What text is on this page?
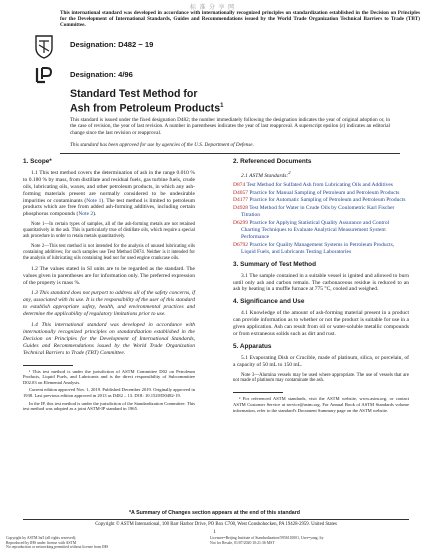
标 准 分 享 网
This international standard was developed in accordance with internationally recognized principles on standardization established in the Decision on Principles for the Development of International Standards, Guides and Recommendations issued by the World Trade Organization Technical Barriers to Trade (TBT) Committee.
Designation: D482 − 19
Designation: 4/96
Standard Test Method for
Ash from Petroleum Products$^1$
This standard is issued under the fixed designation D482; the number immediately following the designation indicates the year of original adoption or, in the case of revision, the year of last revision. A number in parentheses indicates the year of last reapproval. A superscript epsilon (ε) indicates an editorial change since the last revision or reapproval.
This standard has been approved for use by agencies of the U.S. Department of Defense.
1. Scope*

1.1 This test method covers the determination of ash in the range 0.010 % to 0.180 % by mass, from distillate and residual fuels, gas turbine fuels, crude oils, lubricating oils, waxes, and other petroleum products, in which any ash-forming materials present are normally considered to be undesirable impurities or contaminants (Note 1). The test method is limited to petroleum products which are free from added ash-forming additives, including certain phosphorus compounds (Note 2).

Note 1—In certain types of samples, all of the ash-forming metals are not retained quantitatively in the ash. This is particularly true of distillate oils, which require a special ash procedure in order to retain metals quantitatively.

Note 2—This test method is not intended for the analysis of unused lubricating oils containing additives; for such samples use Test Method D874. Neither is it intended for the analysis of lubricating oils containing lead nor for used engine crankcase oils.

1.2 The values stated in SI units are to be regarded as the standard. The values given in parentheses are for information only. The preferred expression of the property is mass %.

1.3 This standard does not purport to address all of the safety concerns, if any, associated with its use. It is the responsibility of the user of this standard to establish appropriate safety, health, and environmental practices and determine the applicability of regulatory limitations prior to use.

1.4 This international standard was developed in accordance with internationally recognized principles on standardization established in the Decision on Principles for the Development of International Standards, Guides and Recommendations issued by the World Trade Organization Technical Barriers to Trade (TBT) Committee.

¹ This test method is under the jurisdiction of ASTM Committee D02 on Petroleum Products, Liquid Fuels, and Lubricants and is the direct responsibility of Subcommittee D02.03 on Elemental Analysis.

Current edition approved Nov. 1, 2019. Published December 2019. Originally approved in 1938. Last previous edition approved in 2013 as D482 – 13. DOI: 10.1520/D0482-19.

In the IP, this test method is under the jurisdiction of the Standardization Committee. This test method was adopted as a joint ASTM-IP standard in 1965.

2. Referenced Documents
2.1 ASTM Standards:$^2$
D874 Test Method for Sulfated Ash from Lubricating Oils and Additives
D4057 Practice for Manual Sampling of Petroleum and Petroleum Products
D4177 Practice for Automatic Sampling of Petroleum and Petroleum Products
D4928 Test Method for Water in Crude Oils by Coulometric Karl Fischer Titration
D6299 Practice for Applying Statistical Quality Assurance and Control Charting Techniques to Evaluate Analytical Measurement System Performance
D6792 Practice for Quality Management Systems in Petroleum Products, Liquid Fuels, and Lubricants Testing Laboratories
3. Summary of Test Method

3.1 The sample contained in a suitable vessel is ignited and allowed to burn until only ash and carbon remain. The carbonaceous residue is reduced to an ash by heating in a muffle furnace at 775 °C, cooled and weighed.

4. Significance and Use

4.1 Knowledge of the amount of ash-forming material present in a product can provide information as to whether or not the product is suitable for use in a given application. Ash can result from oil or water-soluble metallic compounds or from extraneous solids such as dirt and rust.

5. Apparatus

5.1 Evaporating Dish or Crucible, made of platinum, silica, or porcelain, of a capacity of 50 mL to 150 mL.

Note 3—Alumina vessels may be used where appropriate. The use of vessels that are not made of platinum may contaminate the ash.

² For referenced ASTM standards, visit the ASTM website, www.astm.org, or contact ASTM Customer Service at service@astm.org. For Annual Book of ASTM Standards volume information, refer to the standard's Document Summary page on the ASTM website.

*A Summary of Changes section appears at the end of this standard
Copyright © ASTM International, 100 Barr Harbor Drive, PO Box C700, West Conshohocken, PA 19428-2959. United States
1
Copyright by ASTM Int'l (all rights reserved);
Reproduced by IHS under license with ASTM
No reproduction or networking permitted without license from IHS
Licensee=Beijing Institute of Standardization/5956110001, User=yang, liy
Not for Resale, 01/07/2020 10:21:36 MST
